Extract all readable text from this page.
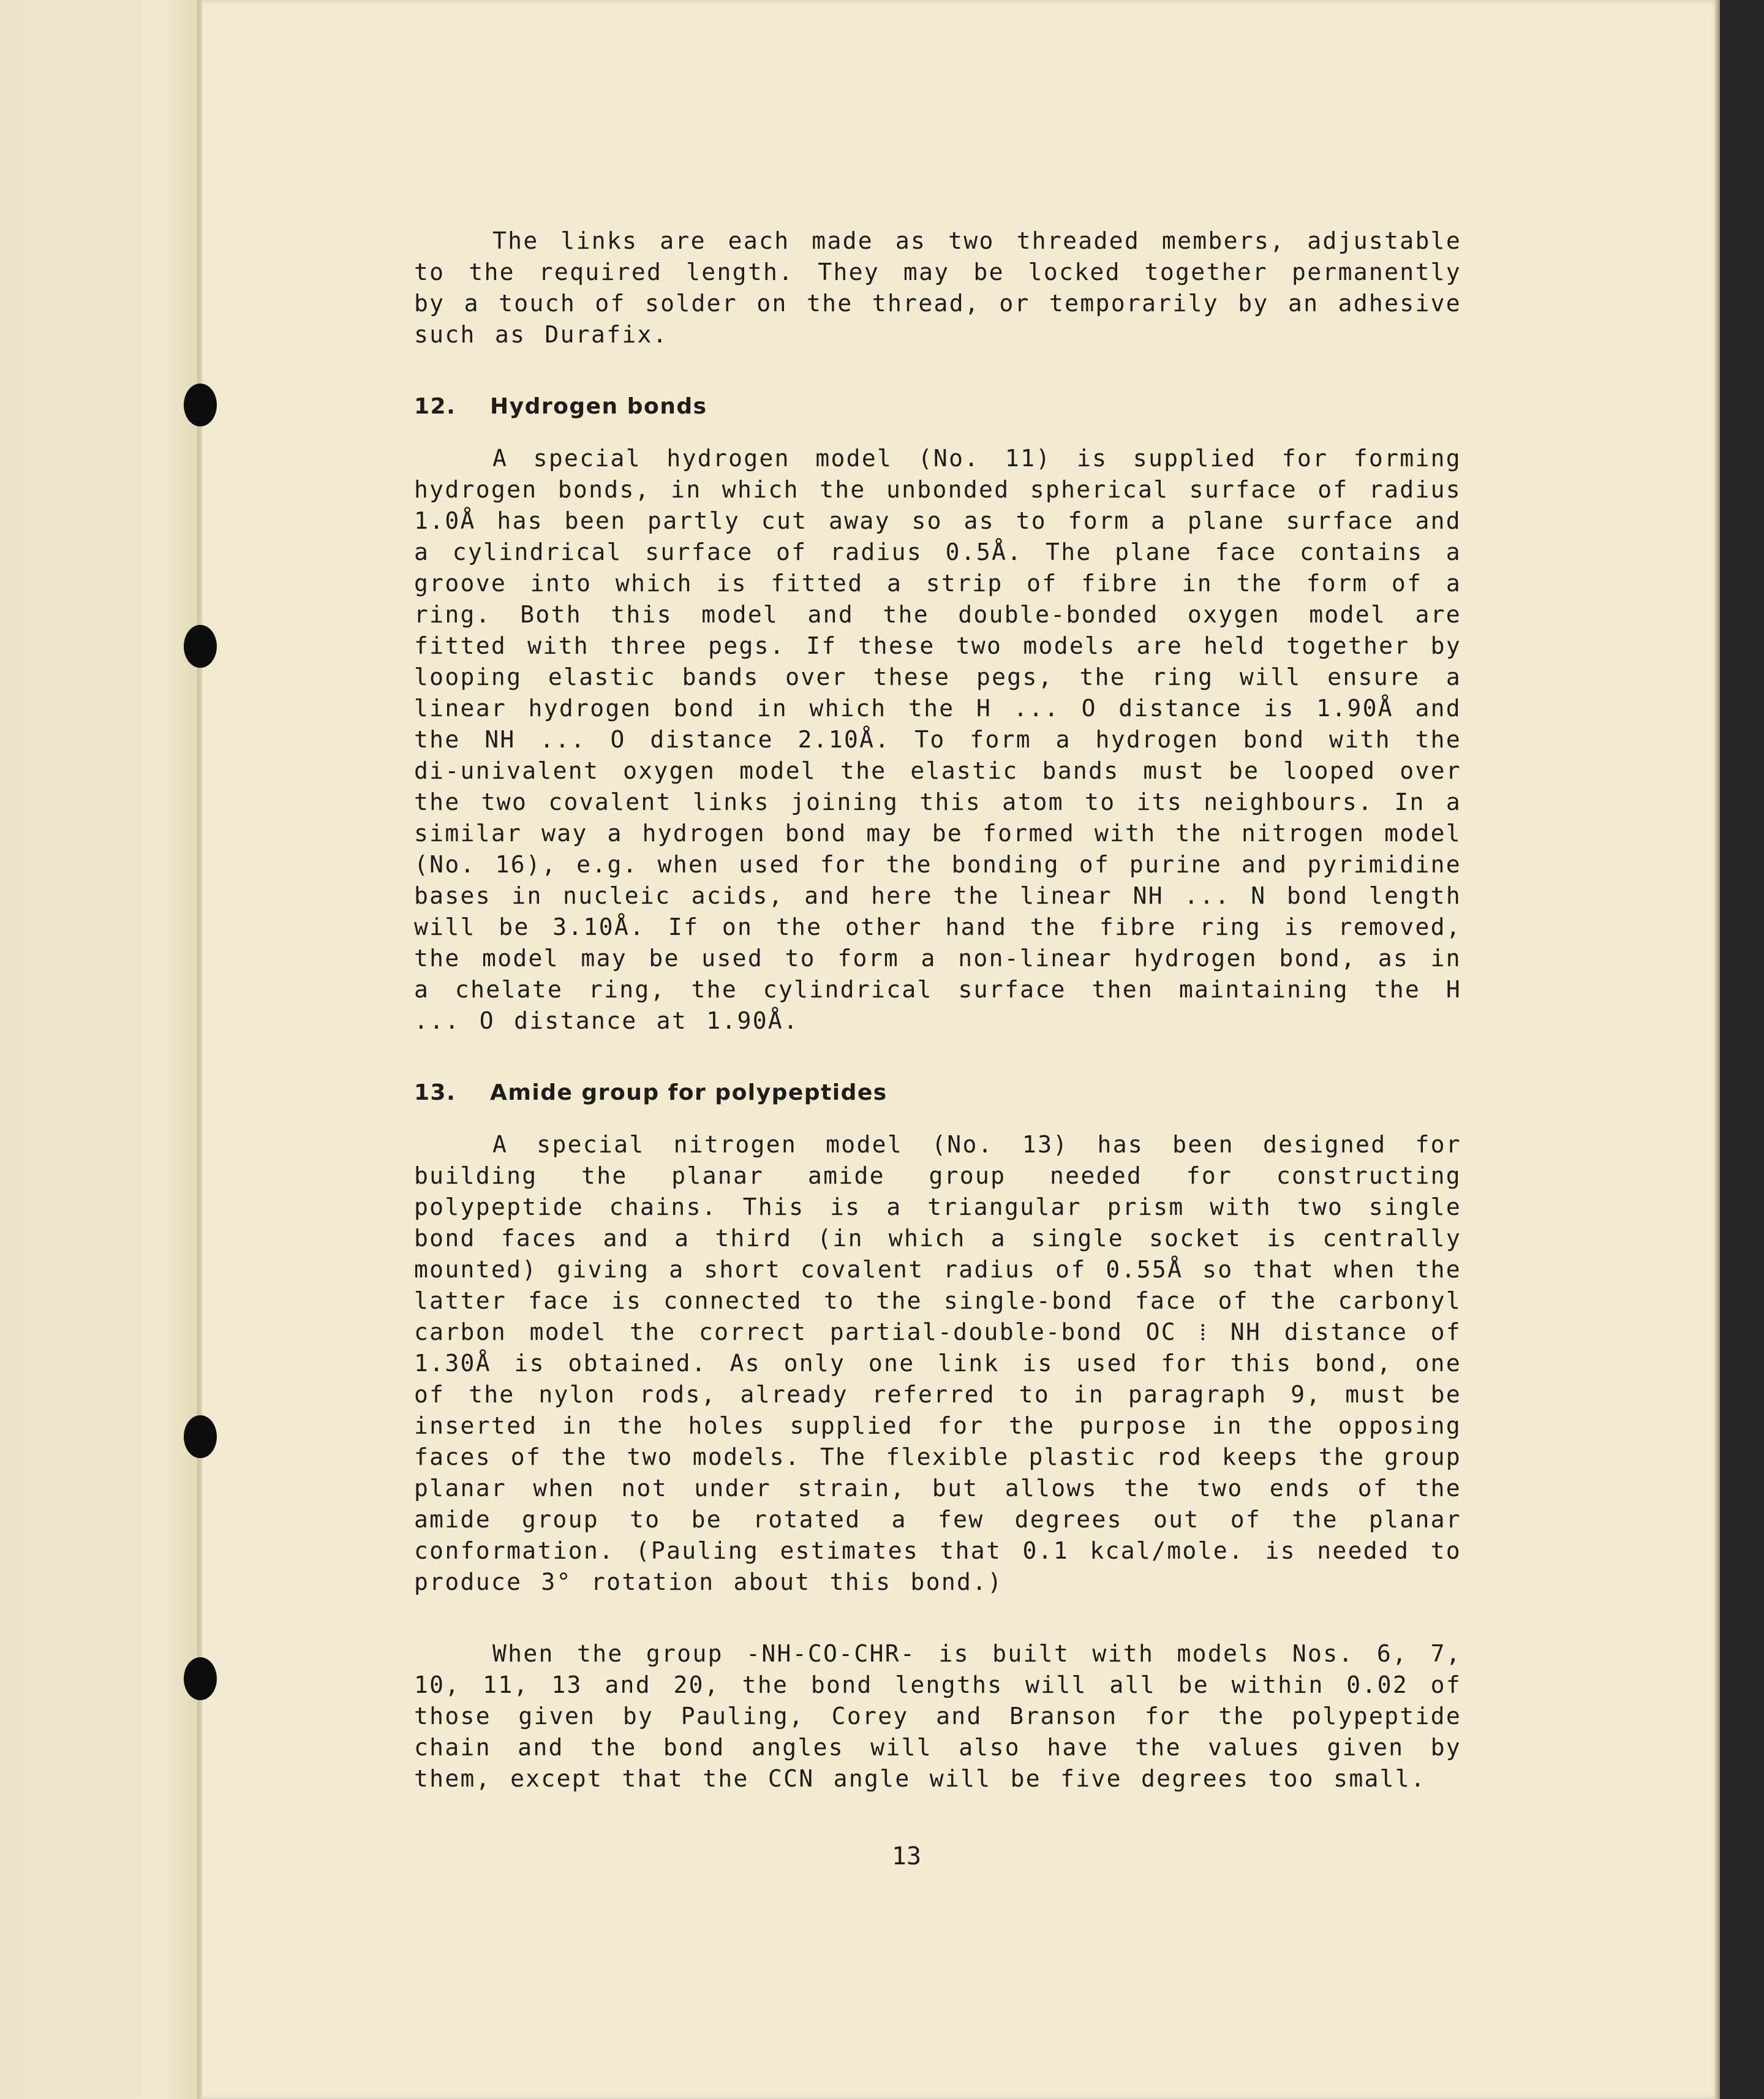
The links are each made as two threaded members, adjustable to the required length. They may be locked together permanently by a touch of solder on the thread, or temporarily by an adhesive such as Durafix.

12. Hydrogen bonds

A special hydrogen model (No. 11) is supplied for forming hydrogen bonds, in which the unbonded spherical surface of radius 1.0Å has been partly cut away so as to form a plane surface and a cylindrical surface of radius 0.5Å. The plane face contains a groove into which is fitted a strip of fibre in the form of a ring. Both this model and the double-bonded oxygen model are fitted with three pegs. If these two models are held together by looping elastic bands over these pegs, the ring will ensure a linear hydrogen bond in which the H ... O distance is 1.90Å and the NH ... O distance 2.10Å. To form a hydrogen bond with the di-univalent oxygen model the elastic bands must be looped over the two covalent links joining this atom to its neighbours. In a similar way a hydrogen bond may be formed with the nitrogen model (No. 16), e.g. when used for the bonding of purine and pyrimidine bases in nucleic acids, and here the linear NH ... N bond length will be 3.10Å. If on the other hand the fibre ring is removed, the model may be used to form a non-linear hydrogen bond, as in a chelate ring, the cylindrical surface then maintaining the H ... O distance at 1.90Å.

13. Amide group for polypeptides

A special nitrogen model (No. 13) has been designed for building the planar amide group needed for constructing polypeptide chains. This is a triangular prism with two single bond faces and a third (in which a single socket is centrally mounted) giving a short covalent radius of 0.55Å so that when the latter face is connected to the single-bond face of the carbonyl carbon model the correct partial-double-bond OC ⁞ NH distance of 1.30Å is obtained. As only one link is used for this bond, one of the nylon rods, already referred to in paragraph 9, must be inserted in the holes supplied for the purpose in the opposing faces of the two models. The flexible plastic rod keeps the group planar when not under strain, but allows the two ends of the amide group to be rotated a few degrees out of the planar conformation. (Pauling estimates that 0.1 kcal/mole. is needed to produce 3° rotation about this bond.)

When the group -NH-CO-CHR- is built with models Nos. 6, 7, 10, 11, 13 and 20, the bond lengths will all be within 0.02 of those given by Pauling, Corey and Branson for the polypeptide chain and the bond angles will also have the values given by them, except that the CCN angle will be five degrees too small.

13
